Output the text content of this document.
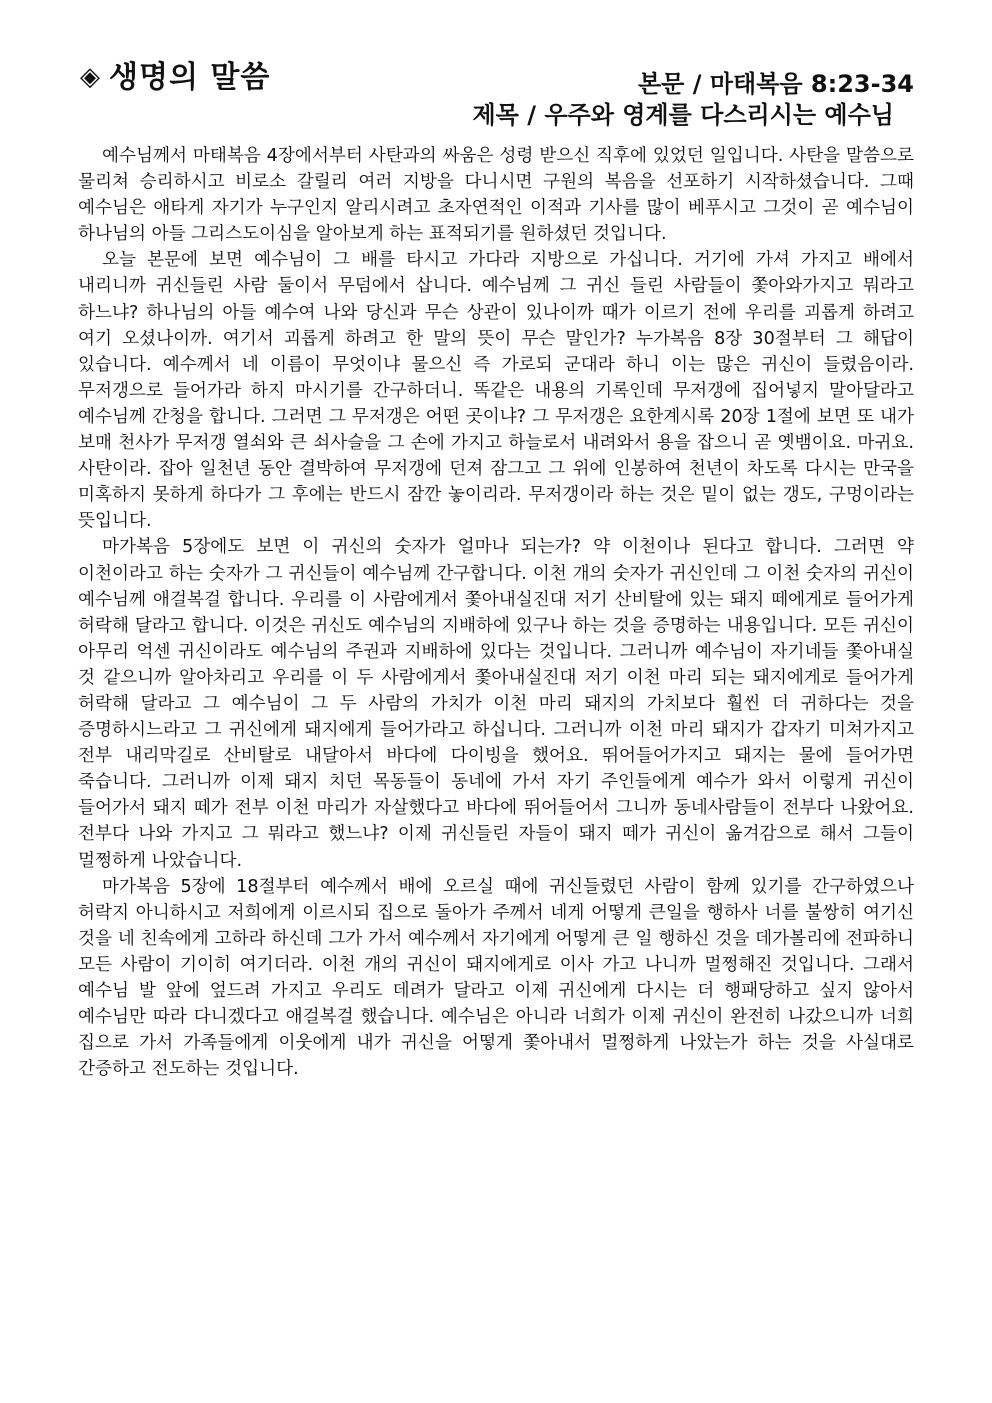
◈ 생명의 말씀	본문 / 마태복음 8:23-34
제목 / 우주와 영계를 다스리시는 예수님

예수님께서 마태복음 4장에서부터 사탄과의 싸움은 성령 받으신 직후에 있었던 일입니다. 사탄을 말씀으로 물리쳐 승리하시고 비로소 갈릴리 여러 지방을 다니시면 구원의 복음을 선포하기 시작하셨습니다. 그때 예수님은 애타게 자기가 누구인지 알리시려고 초자연적인 이적과 기사를 많이 베푸시고 그것이 곧 예수님이 하나님의 아들 그리스도이심을 알아보게 하는 표적되기를 원하셨던 것입니다.

오늘 본문에 보면 예수님이 그 배를 타시고 가다라 지방으로 가십니다. 거기에 가셔 가지고 배에서 내리니까 귀신들린 사람 둘이서 무덤에서 삽니다. 예수님께 그 귀신 들린 사람들이 쫓아와가지고 뭐라고 하느냐? 하나님의 아들 예수여 나와 당신과 무슨 상관이 있나이까 때가 이르기 전에 우리를 괴롭게 하려고 여기 오셨나이까. 여기서 괴롭게 하려고 한 말의 뜻이 무슨 말인가? 누가복음 8장 30절부터 그 해답이 있습니다. 예수께서 네 이름이 무엇이냐 물으신 즉 가로되 군대라 하니 이는 많은 귀신이 들렸음이라. 무저갱으로 들어가라 하지 마시기를 간구하더니. 똑같은 내용의 기록인데 무저갱에 집어넣지 말아달라고 예수님께 간청을 합니다. 그러면 그 무저갱은 어떤 곳이냐? 그 무저갱은 요한계시록 20장 1절에 보면 또 내가 보매 천사가 무저갱 열쇠와 큰 쇠사슬을 그 손에 가지고 하늘로서 내려와서 용을 잡으니 곧 옛뱀이요. 마귀요. 사탄이라. 잡아 일천년 동안 결박하여 무저갱에 던져 잠그고 그 위에 인봉하여 천년이 차도록 다시는 만국을 미혹하지 못하게 하다가 그 후에는 반드시 잠깐 놓이리라. 무저갱이라 하는 것은 밑이 없는 갱도, 구멍이라는 뜻입니다.

마가복음 5장에도 보면 이 귀신의 숫자가 얼마나 되는가? 약 이천이나 된다고 합니다. 그러면 약 이천이라고 하는 숫자가 그 귀신들이 예수님께 간구합니다. 이천 개의 숫자가 귀신인데 그 이천 숫자의 귀신이 예수님께 애걸복걸 합니다. 우리를 이 사람에게서 쫓아내실진대 저기 산비탈에 있는 돼지 떼에게로 들어가게 허락해 달라고 합니다. 이것은 귀신도 예수님의 지배하에 있구나 하는 것을 증명하는 내용입니다. 모든 귀신이 아무리 억센 귀신이라도 예수님의 주권과 지배하에 있다는 것입니다. 그러니까 예수님이 자기네들 쫓아내실 것 같으니까 알아차리고 우리를 이 두 사람에게서 쫓아내실진대 저기 이천 마리 되는 돼지에게로 들어가게 허락해 달라고 그 예수님이 그 두 사람의 가치가 이천 마리 돼지의 가치보다 훨씬 더 귀하다는 것을 증명하시느라고 그 귀신에게 돼지에게 들어가라고 하십니다. 그러니까 이천 마리 돼지가 갑자기 미쳐가지고 전부 내리막길로 산비탈로 내달아서 바다에 다이빙을 했어요. 뛰어들어가지고 돼지는 물에 들어가면 죽습니다. 그러니까 이제 돼지 치던 목동들이 동네에 가서 자기 주인들에게 예수가 와서 이렇게 귀신이 들어가서 돼지 떼가 전부 이천 마리가 자살했다고 바다에 뛰어들어서 그니까 동네사람들이 전부다 나왔어요. 전부다 나와 가지고 그 뭐라고 했느냐? 이제 귀신들린 자들이 돼지 떼가 귀신이 옮겨감으로 해서 그들이 멀쩡하게 나았습니다.

마가복음 5장에 18절부터 예수께서 배에 오르실 때에 귀신들렸던 사람이 함께 있기를 간구하였으나 허락지 아니하시고 저희에게 이르시되 집으로 돌아가 주께서 네게 어떻게 큰일을 행하사 너를 불쌍히 여기신 것을 네 친속에게 고하라 하신데 그가 가서 예수께서 자기에게 어떻게 큰 일 행하신 것을 데가볼리에 전파하니 모든 사람이 기이히 여기더라. 이천 개의 귀신이 돼지에게로 이사 가고 나니까 멀쩡해진 것입니다. 그래서 예수님 발 앞에 엎드려 가지고 우리도 데려가 달라고 이제 귀신에게 다시는 더 행패당하고 싶지 않아서 예수님만 따라 다니겠다고 애걸복걸 했습니다. 예수님은 아니라 너희가 이제 귀신이 완전히 나갔으니까 너희 집으로 가서 가족들에게 이웃에게 내가 귀신을 어떻게 쫓아내서 멀쩡하게 나았는가 하는 것을 사실대로 간증하고 전도하는 것입니다.
